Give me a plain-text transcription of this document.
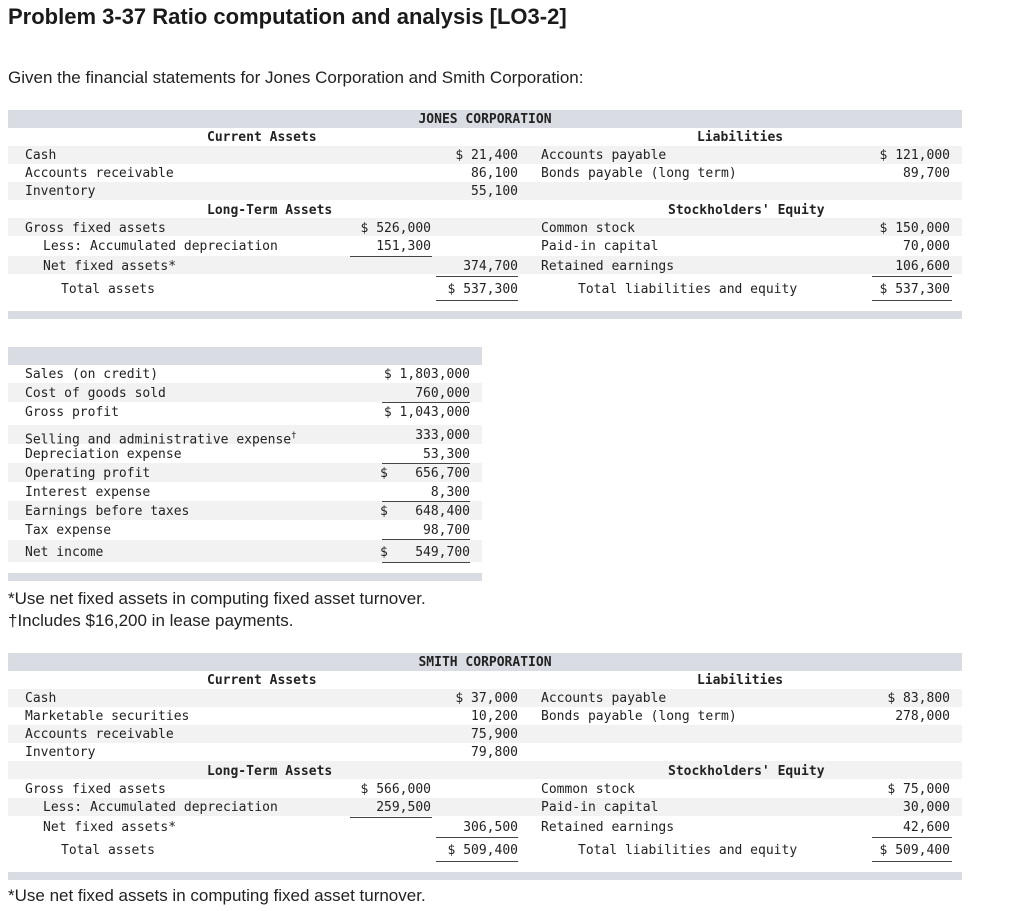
Problem 3-37 Ratio computation and analysis [LO3-2]
Given the financial statements for Jones Corporation and Smith Corporation:
JONES CORPORATION
Current Assets	Liabilities
Cash	$ 21,400 Accounts payable	$ 121,000
Accounts receivable	86,100 Bonds payable (long term)	89,700
Inventory	55,100
Long-Term Assets	Stockholders' Equity
Gross fixed assets	$ 526,000	Common stock	$ 150,000
Less: Accumulated depreciation	151,300	Paid-in capital	70,000
Net fixed assets*	374,700 Retained earnings	106,600
Total assets	$ 537,300	Total liabilities and equity	$ 537,300
Sales (on credit)	$ 1,803,000
Cost of goods sold	760,000
Gross profit	$ 1,043,000
Selling and administrative expense†	333,000
Depreciation expense	53,300
Operating profit	$	656,700
Interest expense	8,300
Earnings before taxes	$	648,400
Tax expense	98,700
Net income	$	549,700
*Use net fixed assets in computing fixed asset turnover.
†Includes $16,200 in lease payments.
SMITH CORPORATION
Current Assets	Liabilities
Cash	$ 37,000 Accounts payable	$ 83,800
Marketable securities	10,200 Bonds payable (long term)	278,000
Accounts receivable	75,900
Inventory	79,800
Long-Term Assets	Stockholders' Equity
Gross fixed assets	$ 566,000	Common stock	$ 75,000
Less: Accumulated depreciation	259,500	Paid-in capital	30,000
Net fixed assets*	306,500 Retained earnings	42,600
Total assets	$ 509,400	Total liabilities and equity	$ 509,400
*Use net fixed assets in computing fixed asset turnover.
